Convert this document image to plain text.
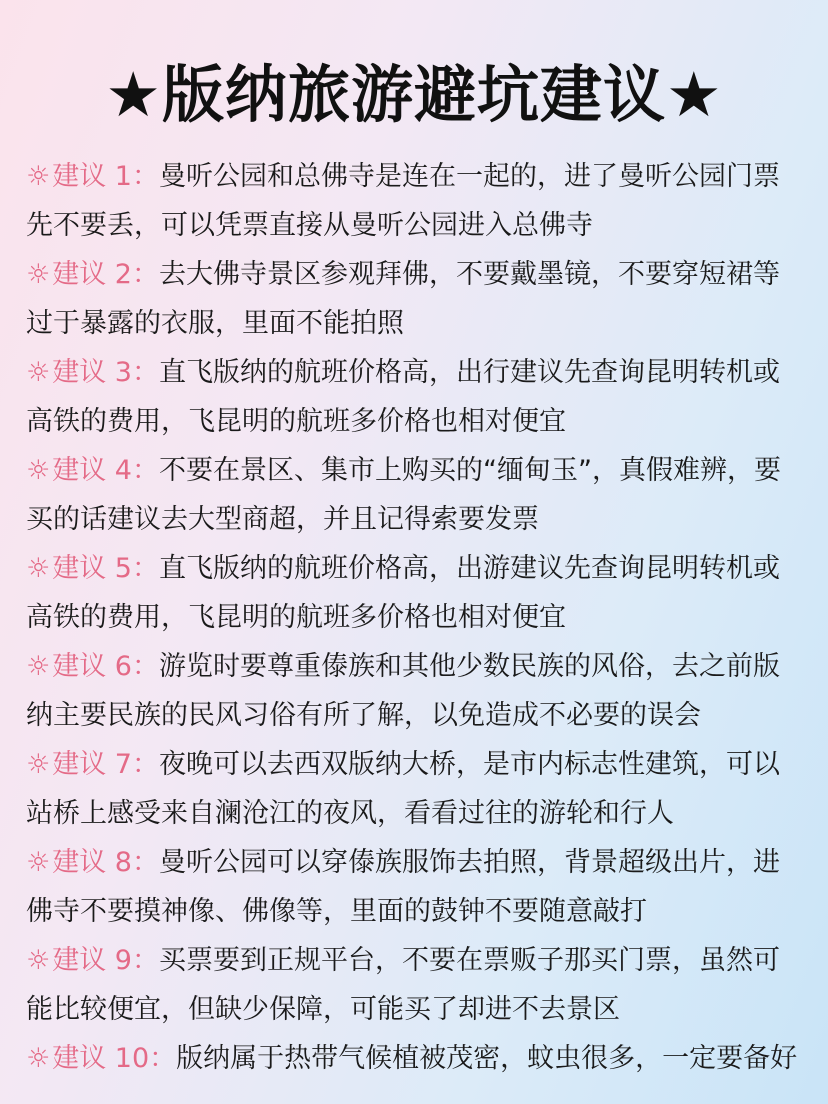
★版纳旅游避坑建议★
☼建议 1：曼听公园和总佛寺是连在一起的，进了曼听公园门票先不要丢，可以凭票直接从曼听公园进入总佛寺
☼建议 2：去大佛寺景区参观拜佛，不要戴墨镜，不要穿短裙等过于暴露的衣服，里面不能拍照
☼建议 3：直飞版纳的航班价格高，出行建议先查询昆明转机或高铁的费用，飞昆明的航班多价格也相对便宜
☼建议 4：不要在景区、集市上购买的“缅甸玉”，真假难辨，要买的话建议去大型商超，并且记得索要发票
☼建议 5：直飞版纳的航班价格高，出游建议先查询昆明转机或高铁的费用，飞昆明的航班多价格也相对便宜
☼建议 6：游览时要尊重傣族和其他少数民族的风俗，去之前版纳主要民族的民风习俗有所了解，以免造成不必要的误会
☼建议 7：夜晚可以去西双版纳大桥，是市内标志性建筑，可以站桥上感受来自澜沧江的夜风，看看过往的游轮和行人
☼建议 8：曼听公园可以穿傣族服饰去拍照，背景超级出片，进佛寺不要摸神像、佛像等，里面的鼓钟不要随意敲打
☼建议 9：买票要到正规平台，不要在票贩子那买门票，虽然可能比较便宜，但缺少保障，可能买了却进不去景区
☼建议 10：版纳属于热带气候植被茂密，蚊虫很多，一定要备好
